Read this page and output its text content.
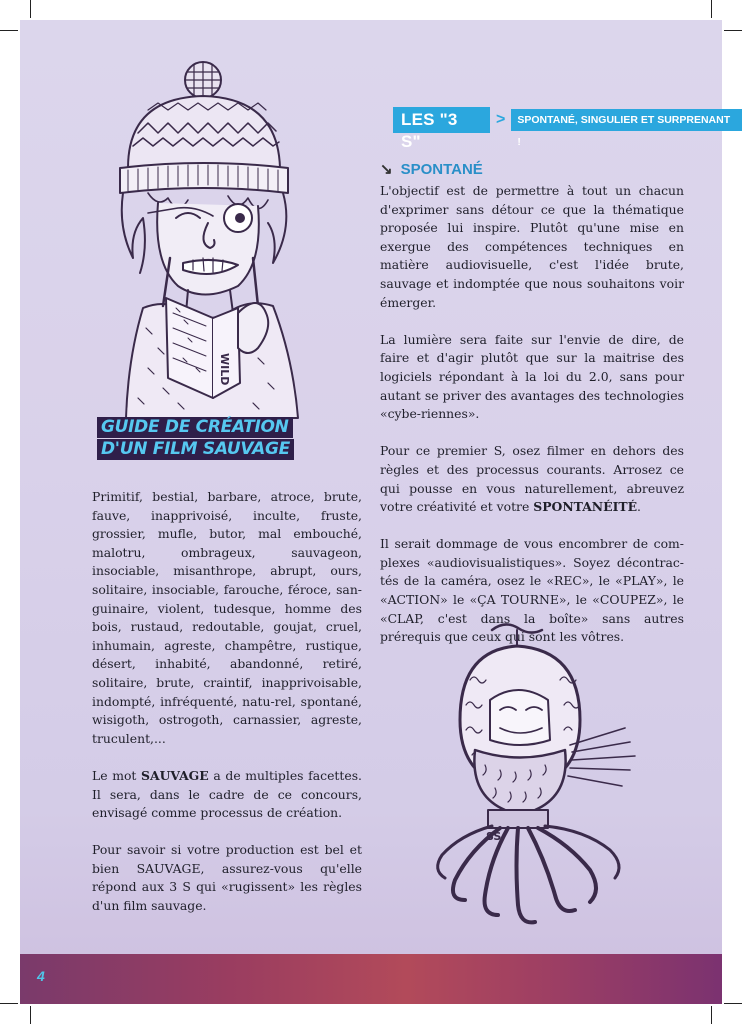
WILD
GUIDE DE CRÉATION
D'UN FILM SAUVAGE
LES "3 S"
>	SPONTANÉ, SINGULIER ET SURPRENANT !
↘ SPONTANÉ

L'objectif est de permettre à tout un chacun d'exprimer sans détour ce que la thématique proposée lui inspire. Plutôt qu'une mise en exergue des compétences techniques en matière audiovisuelle, c'est l'idée brute, sauvage et indomptée que nous souhaitons voir émerger.

La lumière sera faite sur l'envie de dire, de faire et d'agir plutôt que sur la maitrise des logiciels répondant à la loi du 2.0, sans pour autant se priver des avantages des technologies «cybe-riennes».

Pour ce premier S, osez filmer en dehors des règles et des processus courants. Arrosez ce qui pousse en vous naturellement, abreuvez votre créativité et votre SPONTANÉITÉ.

Il serait dommage de vous encombrer de com-plexes «audiovisualistiques». Soyez décontrac-tés de la caméra, osez le «REC», le «PLAY», le «ACTION» le «ÇA TOURNE», le «COUPEZ», le «CLAP, c'est dans la boîte» sans autres prérequis que ceux qui sont les vôtres.

Primitif, bestial, barbare, atroce, brute, fauve, inapprivoisé, inculte, fruste, grossier, mufle, butor, mal embouché, malotru, ombrageux, sauvageon, insociable, misanthrope, abrupt, ours, solitaire, insociable, farouche, féroce, san-guinaire, violent, tudesque, homme des bois, rustaud, redoutable, goujat, cruel, inhumain, agreste, champêtre, rustique, désert, inhabité, abandonné, retiré, solitaire, brute, craintif, inapprivoisable, indompté, infréquenté, natu-rel, spontané, wisigoth, ostrogoth, carnassier, agreste, truculent,...

Le mot SAUVAGE a de multiples facettes. Il sera, dans le cadre de ce concours, envisagé comme processus de création.

Pour savoir si votre production est bel et bien SAUVAGE, assurez-vous qu'elle répond aux 3 S qui «rugissent» les règles d'un film sauvage.

SS
4
